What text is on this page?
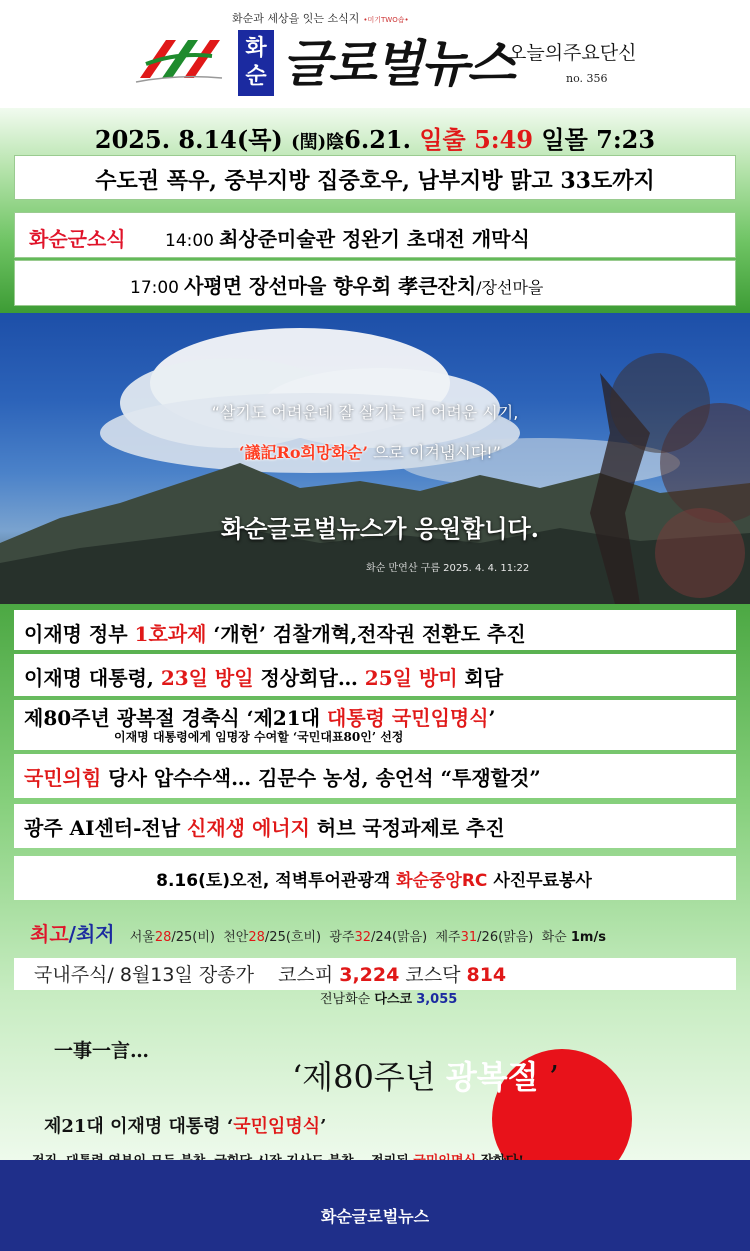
화순과 세상을 잇는 소식지 •미기TWO숍•
화
순 글로벌뉴스
오늘의주요단신
no. 356
2025. 8.14(목) (閏)陰6.21. 일출 5:49 일몰 7:23
수도권 폭우, 중부지방 집중호우, 남부지방 맑고 33도까지
화순군소식 14:00 최상준미술관 정완기 초대전 개막식
17:00 사평면 장선마을 향우회 孝큰잔치/장선마을
“살기도 어려운데 잘 살기는 더 어려운 시기,
‘議記Ro희망화순’ 으로 이겨냅시다!”
화순글로벌뉴스가 응원합니다.
화순 만연산 구름 2025. 4. 4. 11:22
이재명 정부 1호과제 ‘개헌’ 검찰개혁,전작권 전환도 추진
이재명 대통령, 23일 방일 정상회담… 25일 방미 회담
제80주년 광복절 경축식 ‘제21대 대통령 국민임명식’
이재명 대통령에게 임명장 수여할 ‘국민대표80인’ 선정
국민의힘 당사 압수수색… 김문수 농성, 송언석 “투쟁할것”
광주 AI센터-전남 신재생 에너지 허브 국정과제로 추진
8.16(토)오전, 적벽투어관광객 화순중앙RC 사진무료봉사
최고/최저 서울28/25(비) 천안28/25(흐비) 광주32/24(맑음) 제주31/26(맑음) 화순 1m/s
국내주식/ 8월13일 장종가 코스피 3,224 코스닥 814
전남화순 다스코 3,055
一事一言…
‘제80주년 광복절 ’
제21대 이재명 대통령 ‘국민임명식’
화순글로벌뉴스
